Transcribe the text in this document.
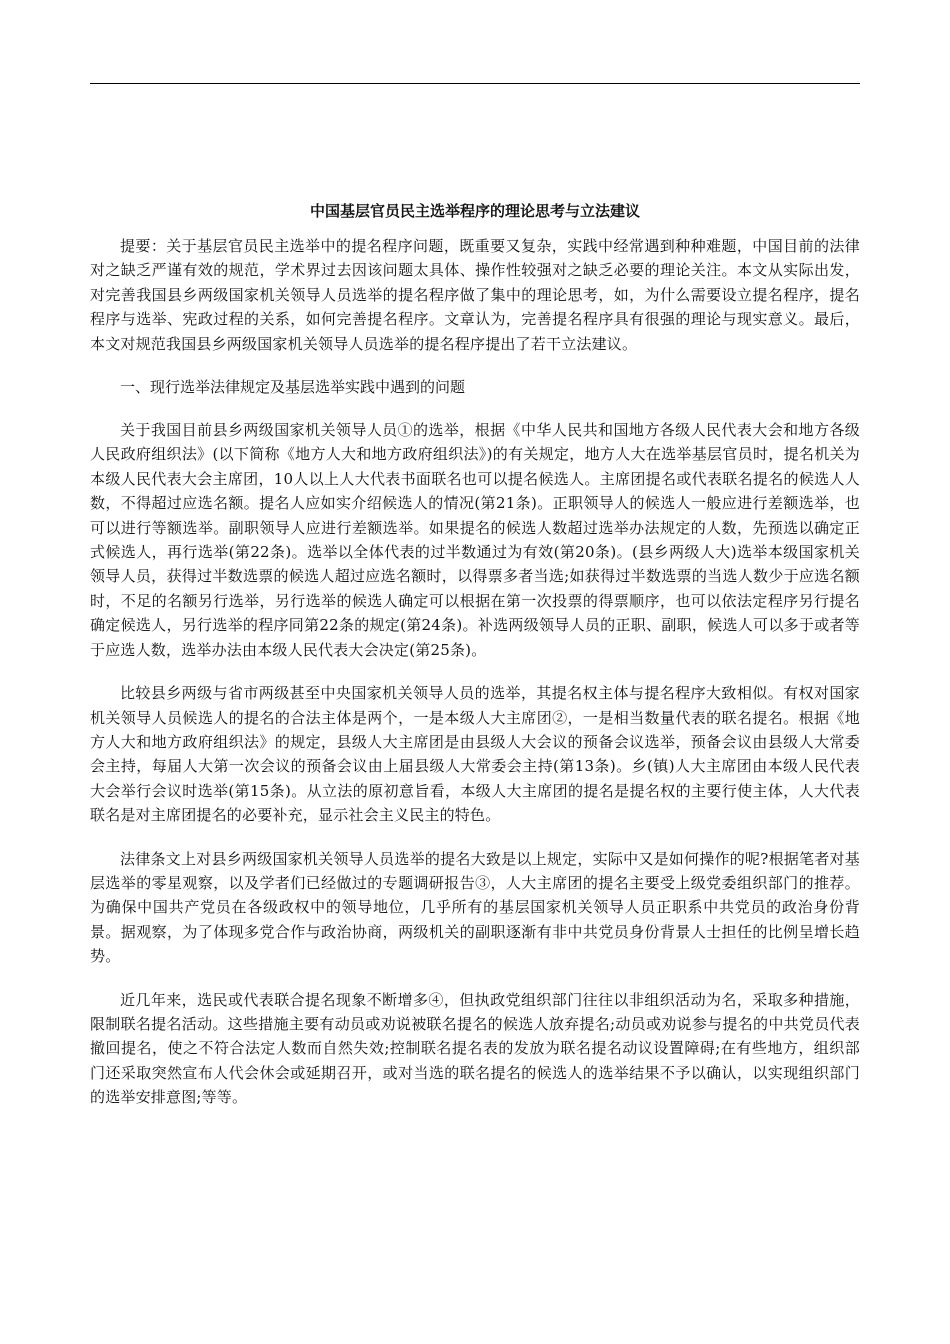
中国基层官员民主选举程序的理论思考与立法建议

提要：关于基层官员民主选举中的提名程序问题，既重要又复杂，实践中经常遇到种种难题，中国目前的法律对之缺乏严谨有效的规范，学术界过去因该问题太具体、操作性较强对之缺乏必要的理论关注。本文从实际出发，对完善我国县乡两级国家机关领导人员选举的提名程序做了集中的理论思考，如，为什么需要设立提名程序，提名程序与选举、宪政过程的关系，如何完善提名程序。文章认为，完善提名程序具有很强的理论与现实意义。最后，本文对规范我国县乡两级国家机关领导人员选举的提名程序提出了若干立法建议。

一、现行选举法律规定及基层选举实践中遇到的问题

关于我国目前县乡两级国家机关领导人员①的选举，根据《中华人民共和国地方各级人民代表大会和地方各级人民政府组织法》(以下简称《地方人大和地方政府组织法》)的有关规定，地方人大在选举基层官员时，提名机关为本级人民代表大会主席团，10人以上人大代表书面联名也可以提名候选人。主席团提名或代表联名提名的候选人人数，不得超过应选名额。提名人应如实介绍候选人的情况(第21条)。正职领导人的候选人一般应进行差额选举，也可以进行等额选举。副职领导人应进行差额选举。如果提名的候选人数超过选举办法规定的人数，先预选以确定正式候选人，再行选举(第22条)。选举以全体代表的过半数通过为有效(第20条)。(县乡两级人大)选举本级国家机关领导人员，获得过半数选票的候选人超过应选名额时，以得票多者当选;如获得过半数选票的当选人数少于应选名额时，不足的名额另行选举，另行选举的候选人确定可以根据在第一次投票的得票顺序，也可以依法定程序另行提名确定候选人，另行选举的程序同第22条的规定(第24条)。补选两级领导人员的正职、副职，候选人可以多于或者等于应选人数，选举办法由本级人民代表大会决定(第25条)。

比较县乡两级与省市两级甚至中央国家机关领导人员的选举，其提名权主体与提名程序大致相似。有权对国家机关领导人员候选人的提名的合法主体是两个，一是本级人大主席团②，一是相当数量代表的联名提名。根据《地方人大和地方政府组织法》的规定，县级人大主席团是由县级人大会议的预备会议选举，预备会议由县级人大常委会主持，每届人大第一次会议的预备会议由上届县级人大常委会主持(第13条)。乡(镇)人大主席团由本级人民代表大会举行会议时选举(第15条)。从立法的原初意旨看，本级人大主席团的提名是提名权的主要行使主体，人大代表联名是对主席团提名的必要补充，显示社会主义民主的特色。

法律条文上对县乡两级国家机关领导人员选举的提名大致是以上规定，实际中又是如何操作的呢?根据笔者对基层选举的零星观察，以及学者们已经做过的专题调研报告③，人大主席团的提名主要受上级党委组织部门的推荐。为确保中国共产党员在各级政权中的领导地位，几乎所有的基层国家机关领导人员正职系中共党员的政治身份背景。据观察，为了体现多党合作与政治协商，两级机关的副职逐渐有非中共党员身份背景人士担任的比例呈增长趋势。

近几年来，选民或代表联合提名现象不断增多④，但执政党组织部门往往以非组织活动为名，采取多种措施，限制联名提名活动。这些措施主要有动员或劝说被联名提名的候选人放弃提名;动员或劝说参与提名的中共党员代表撤回提名，使之不符合法定人数而自然失效;控制联名提名表的发放为联名提名动议设置障碍;在有些地方，组织部门还采取突然宣布人代会休会或延期召开，或对当选的联名提名的候选人的选举结果不予以确认，以实现组织部门的选举安排意图;等等。
